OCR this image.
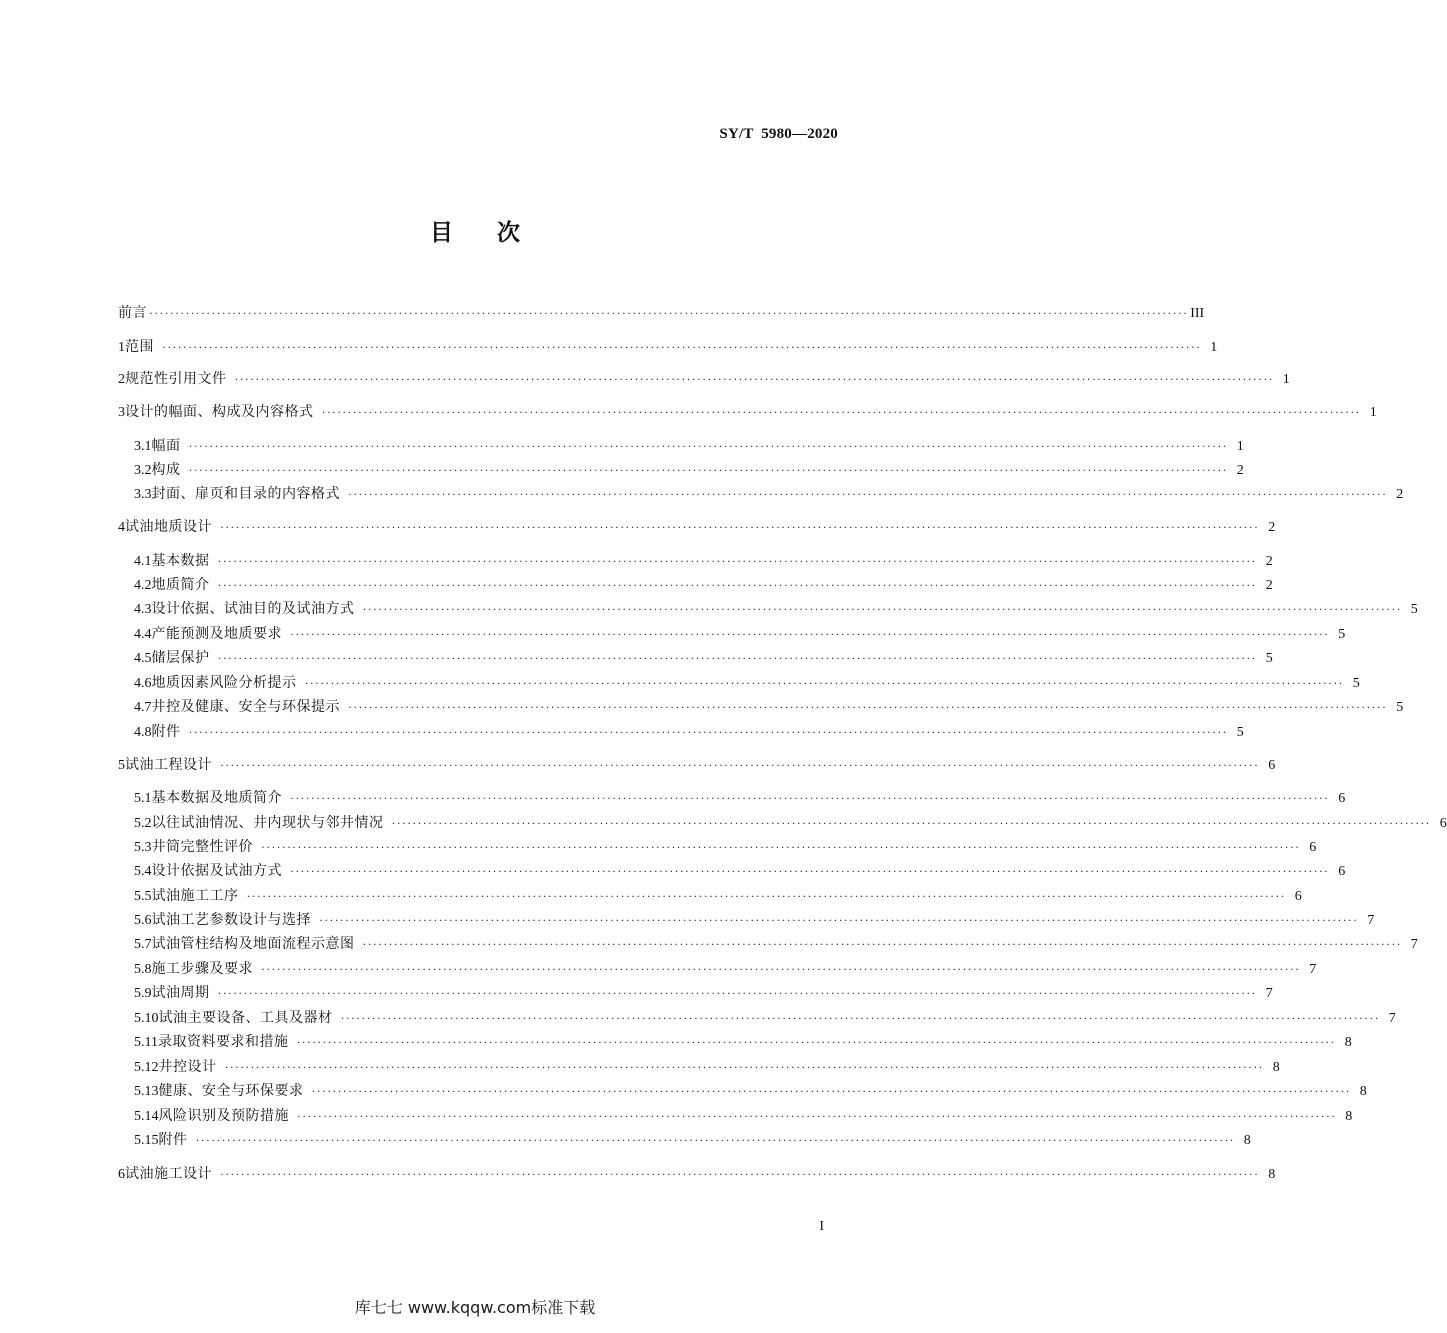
SY/T  5980—2020
目次
前言 ········································································································································································································ III
1 范围 ········································································································································································································ 1
2 规范性引用文件 ········································································································································································································ 1
3 设计的幅面、构成及内容格式 ········································································································································································································ 1
3.1 幅面 ········································································································································································································ 1
3.2 构成 ········································································································································································································ 2
3.3 封面、扉页和目录的内容格式 ········································································································································································································ 2
4 试油地质设计 ········································································································································································································ 2
4.1 基本数据 ········································································································································································································ 2
4.2 地质简介 ········································································································································································································ 2
4.3 设计依据、试油目的及试油方式 ········································································································································································································ 5
4.4 产能预测及地质要求 ········································································································································································································ 5
4.5 储层保护 ········································································································································································································ 5
4.6 地质因素风险分析提示 ········································································································································································································ 5
4.7 井控及健康、安全与环保提示 ········································································································································································································ 5
4.8 附件 ········································································································································································································ 5
5 试油工程设计 ········································································································································································································ 6
5.1 基本数据及地质简介 ········································································································································································································ 6
5.2 以往试油情况、井内现状与邻井情况 ········································································································································································································ 6
5.3 井筒完整性评价 ········································································································································································································ 6
5.4 设计依据及试油方式 ········································································································································································································ 6
5.5 试油施工工序 ········································································································································································································ 6
5.6 试油工艺参数设计与选择 ········································································································································································································ 7
5.7 试油管柱结构及地面流程示意图 ········································································································································································································ 7
5.8 施工步骤及要求 ········································································································································································································ 7
5.9 试油周期 ········································································································································································································ 7
5.10 试油主要设备、工具及器材 ········································································································································································································ 7
5.11 录取资料要求和措施 ········································································································································································································ 8
5.12 井控设计 ········································································································································································································ 8
5.13 健康、安全与环保要求 ········································································································································································································ 8
5.14 风险识别及预防措施 ········································································································································································································ 8
5.15 附件 ········································································································································································································ 8
6 试油施工设计 ········································································································································································································ 8
I
库七七 www.kqqw.com标准下载
